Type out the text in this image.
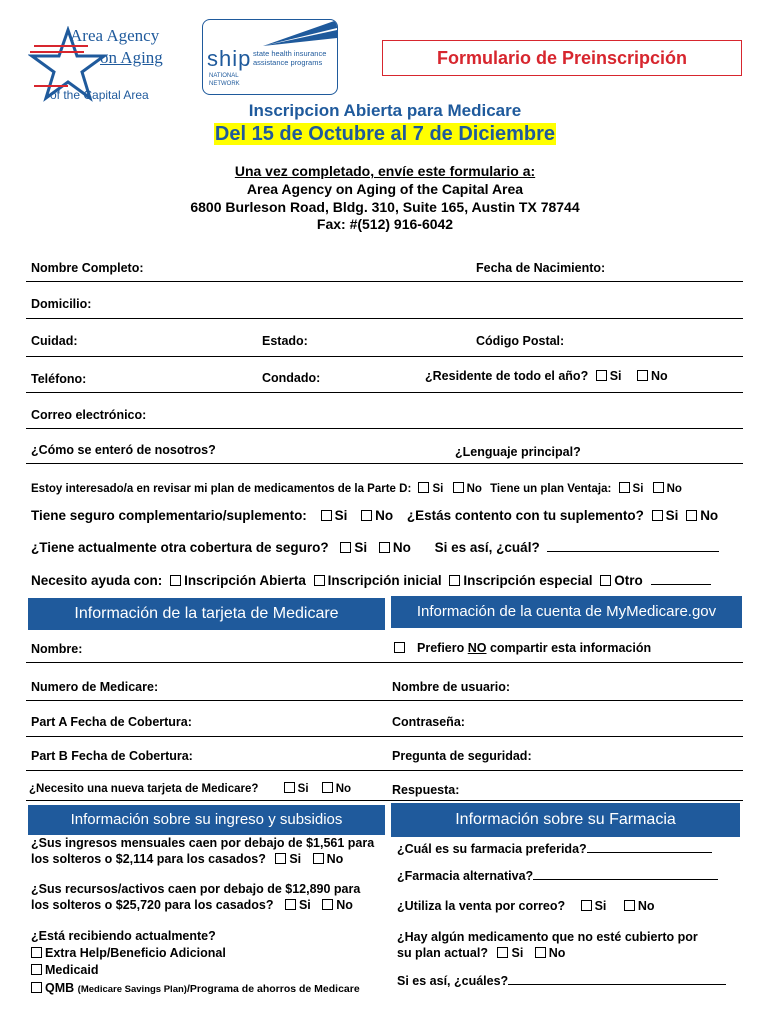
Area Agency
on Aging
of the Capital Area
ship state health insurance
assistance programs
NATIONAL
NETWORK
Formulario de Preinscripción
Inscripcion Abierta para Medicare
Del 15 de Octubre al 7 de Diciembre
Una vez completado, envíe este formulario a:
Area Agency on Aging of the Capital Area
6800 Burleson Road, Bldg. 310, Suite 165, Austin TX 78744
Fax: #(512) 916-6042
Nombre Completo:	Fecha de Nacimiento:
Domicilio:
Cuidad:	Estado:	Código Postal:
Teléfono:	Condado:	¿Residente de todo el año? Si No
Correo electrónico:
¿Cómo se enteró de nosotros?	¿Lenguaje principal?
Estoy interesado/a en revisar mi plan de medicamentos de la Parte D: Si No Tiene un plan Ventaja: Si No
Tiene seguro complementario/suplemento: Si No ¿Estás contento con tu suplemento? Si No
¿Tiene actualmente otra cobertura de seguro? Si No Si es así, ¿cuál?
Necesito ayuda con: Inscripción Abierta Inscripción inicial Inscripción especial Otro
Información de la tarjeta de Medicare	Información de la cuenta de MyMedicare.gov
Nombre:	Prefiero NO compartir esta información
Numero de Medicare:	Nombre de usuario:
Part A Fecha de Cobertura:	Contraseña:
Part B Fecha de Cobertura:	Pregunta de seguridad:
¿Necesito una nueva tarjeta de Medicare?	Si No	Respuesta:
Información sobre su ingreso y subsidios	Información sobre su Farmacia
¿Sus ingresos mensuales caen por debajo de $1,561 para
los solteros o $2,114 para los casados? Si No
¿Sus recursos/activos caen por debajo de $12,890 para
los solteros o $25,720 para los casados? Si No
¿Está recibiendo actualmente?
Extra Help/Beneficio Adicional
Medicaid
QMB (Medicare Savings Plan)/Programa de ahorros de Medicare
¿Cuál es su farmacia preferida?
¿Farmacia alternativa?
¿Utiliza la venta por correo? Si	No
¿Hay algún medicamento que no esté cubierto por
su plan actual? Si No
Si es así, ¿cuáles?
